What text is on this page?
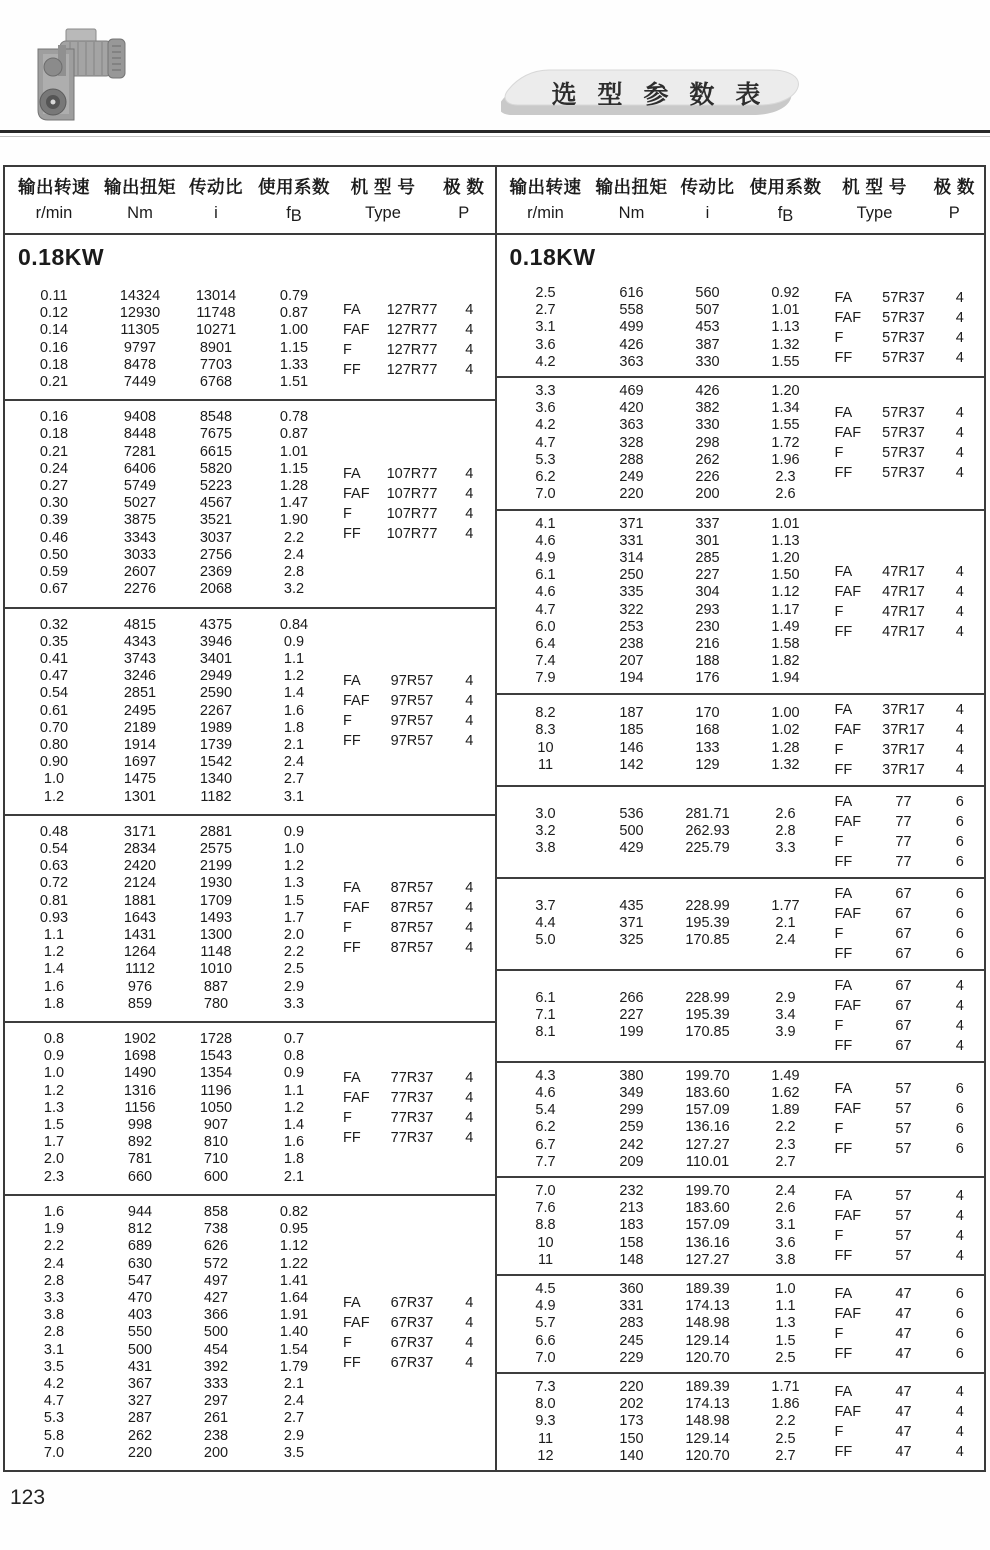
选 型 参 数 表
输出转速 输出扭矩 传动比 使用系数	机 型 号	极 数
r/min	Nm	i	fB	Type	P
0.18KW
0.11	14324	13014	0.79
0.12	12930	11748	0.87
0.14	11305	10271	1.00
0.16	9797	8901	1.15
0.18	8478	7703	1.33
0.21	7449	6768	1.51
FA	127R77	4
FAF	127R77	4
F	127R77	4
FF	127R77	4
0.16	9408	8548	0.78
0.18	8448	7675	0.87
0.21	7281	6615	1.01
0.24	6406	5820	1.15
0.27	5749	5223	1.28
0.30	5027	4567	1.47
0.39	3875	3521	1.90
0.46	3343	3037	2.2
0.50	3033	2756	2.4
0.59	2607	2369	2.8
0.67	2276	2068	3.2
FA	107R77	4
FAF	107R77	4
F	107R77	4
FF	107R77	4
0.32	4815	4375	0.84
0.35	4343	3946	0.9
0.41	3743	3401	1.1
0.47	3246	2949	1.2
0.54	2851	2590	1.4
0.61	2495	2267	1.6
0.70	2189	1989	1.8
0.80	1914	1739	2.1
0.90	1697	1542	2.4
1.0	1475	1340	2.7
1.2	1301	1182	3.1
FA	97R57	4
FAF	97R57	4
F	97R57	4
FF	97R57	4
0.48	3171	2881	0.9
0.54	2834	2575	1.0
0.63	2420	2199	1.2
0.72	2124	1930	1.3
0.81	1881	1709	1.5
0.93	1643	1493	1.7
1.1	1431	1300	2.0
1.2	1264	1148	2.2
1.4	1112	1010	2.5
1.6	976	887	2.9
1.8	859	780	3.3
FA	87R57	4
FAF	87R57	4
F	87R57	4
FF	87R57	4
0.8	1902	1728	0.7
0.9	1698	1543	0.8
1.0	1490	1354	0.9
1.2	1316	1196	1.1
1.3	1156	1050	1.2
1.5	998	907	1.4
1.7	892	810	1.6
2.0	781	710	1.8
2.3	660	600	2.1
FA	77R37	4
FAF	77R37	4
F	77R37	4
FF	77R37	4
1.6	944	858	0.82
1.9	812	738	0.95
2.2	689	626	1.12
2.4	630	572	1.22
2.8	547	497	1.41
3.3	470	427	1.64
3.8	403	366	1.91
2.8	550	500	1.40
3.1	500	454	1.54
3.5	431	392	1.79
4.2	367	333	2.1
4.7	327	297	2.4
5.3	287	261	2.7
5.8	262	238	2.9
7.0	220	200	3.5
FA	67R37	4
FAF	67R37	4
F	67R37	4
FF	67R37	4
输出转速 输出扭矩 传动比 使用系数	机 型 号	极 数
r/min	Nm	i	fB	Type	P
0.18KW
2.5	616	560	0.92
2.7	558	507	1.01
3.1	499	453	1.13
3.6	426	387	1.32
4.2	363	330	1.55
FA	57R37	4
FAF	57R37	4
F	57R37	4
FF	57R37	4
3.3	469	426	1.20
3.6	420	382	1.34
4.2	363	330	1.55
4.7	328	298	1.72
5.3	288	262	1.96
6.2	249	226	2.3
7.0	220	200	2.6
FA	57R37	4
FAF	57R37	4
F	57R37	4
FF	57R37	4
4.1	371	337	1.01
4.6	331	301	1.13
4.9	314	285	1.20
6.1	250	227	1.50
4.6	335	304	1.12
4.7	322	293	1.17
6.0	253	230	1.49
6.4	238	216	1.58
7.4	207	188	1.82
7.9	194	176	1.94
FA	47R17	4
FAF	47R17	4
F	47R17	4
FF	47R17	4
8.2	187	170	1.00
8.3	185	168	1.02
10	146	133	1.28
11	142	129	1.32
FA	37R17	4
FAF	37R17	4
F	37R17	4
FF	37R17	4
3.0	536	281.71	2.6
3.2	500	262.93	2.8
3.8	429	225.79	3.3
FA	77	6
FAF	77	6
F	77	6
FF	77	6
3.7	435	228.99	1.77
4.4	371	195.39	2.1
5.0	325	170.85	2.4
FA	67	6
FAF	67	6
F	67	6
FF	67	6
6.1	266	228.99	2.9
7.1	227	195.39	3.4
8.1	199	170.85	3.9
FA	67	4
FAF	67	4
F	67	4
FF	67	4
4.3	380	199.70	1.49
4.6	349	183.60	1.62
5.4	299	157.09	1.89
6.2	259	136.16	2.2
6.7	242	127.27	2.3
7.7	209	110.01	2.7
FA	57	6
FAF	57	6
F	57	6
FF	57	6
7.0	232	199.70	2.4
7.6	213	183.60	2.6
8.8	183	157.09	3.1
10	158	136.16	3.6
11	148	127.27	3.8
FA	57	4
FAF	57	4
F	57	4
FF	57	4
4.5	360	189.39	1.0
4.9	331	174.13	1.1
5.7	283	148.98	1.3
6.6	245	129.14	1.5
7.0	229	120.70	2.5
FA	47	6
FAF	47	6
F	47	6
FF	47	6
7.3	220	189.39	1.71
8.0	202	174.13	1.86
9.3	173	148.98	2.2
11	150	129.14	2.5
12	140	120.70	2.7
FA	47	4
FAF	47	4
F	47	4
FF	47	4
123
